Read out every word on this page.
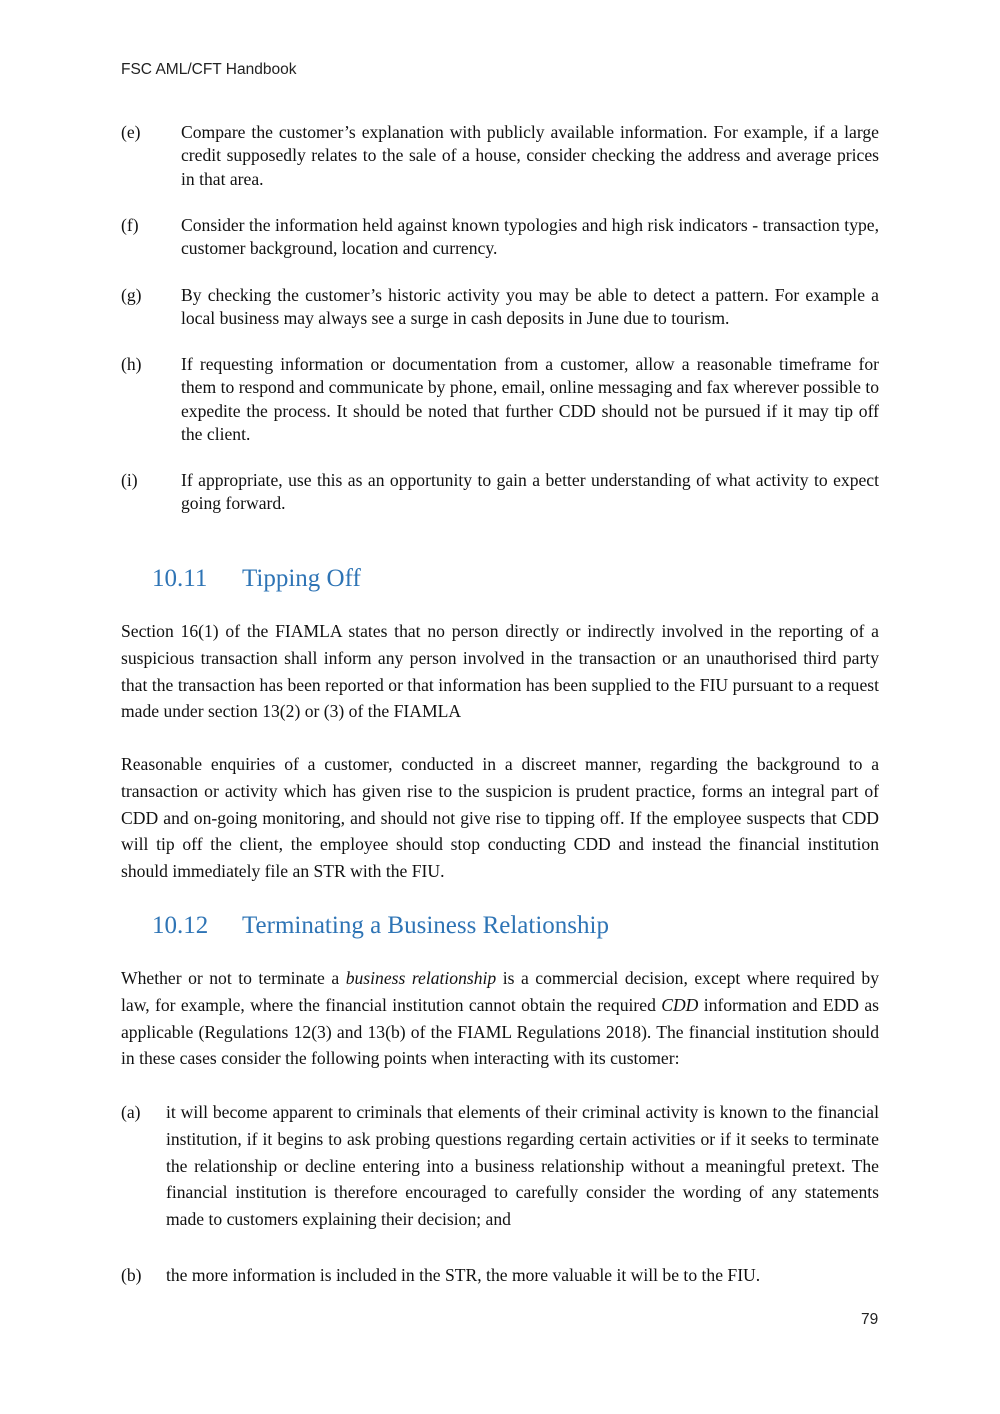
FSC AML/CFT Handbook
(e) Compare the customer’s explanation with publicly available information. For example, if a large credit supposedly relates to the sale of a house, consider checking the address and average prices in that area.
(f) Consider the information held against known typologies and high risk indicators - transaction type, customer background, location and currency.
(g) By checking the customer’s historic activity you may be able to detect a pattern. For example a local business may always see a surge in cash deposits in June due to tourism.
(h) If requesting information or documentation from a customer, allow a reasonable timeframe for them to respond and communicate by phone, email, online messaging and fax wherever possible to expedite the process. It should be noted that further CDD should not be pursued if it may tip off the client.
(i) If appropriate, use this as an opportunity to gain a better understanding of what activity to expect going forward.
10.11 Tipping Off
Section 16(1) of the FIAMLA states that no person directly or indirectly involved in the reporting of a suspicious transaction shall inform any person involved in the transaction or an unauthorised third party that the transaction has been reported or that information has been supplied to the FIU pursuant to a request made under section 13(2) or (3) of the FIAMLA
Reasonable enquiries of a customer, conducted in a discreet manner, regarding the background to a transaction or activity which has given rise to the suspicion is prudent practice, forms an integral part of CDD and on-going monitoring, and should not give rise to tipping off. If the employee suspects that CDD will tip off the client, the employee should stop conducting CDD and instead the financial institution should immediately file an STR with the FIU.
10.12 Terminating a Business Relationship
Whether or not to terminate a business relationship is a commercial decision, except where required by law, for example, where the financial institution cannot obtain the required CDD information and EDD as applicable (Regulations 12(3) and 13(b) of the FIAML Regulations 2018). The financial institution should in these cases consider the following points when interacting with its customer:
(a) it will become apparent to criminals that elements of their criminal activity is known to the financial institution, if it begins to ask probing questions regarding certain activities or if it seeks to terminate the relationship or decline entering into a business relationship without a meaningful pretext. The financial institution is therefore encouraged to carefully consider the wording of any statements made to customers explaining their decision; and
(b) the more information is included in the STR, the more valuable it will be to the FIU.
79
